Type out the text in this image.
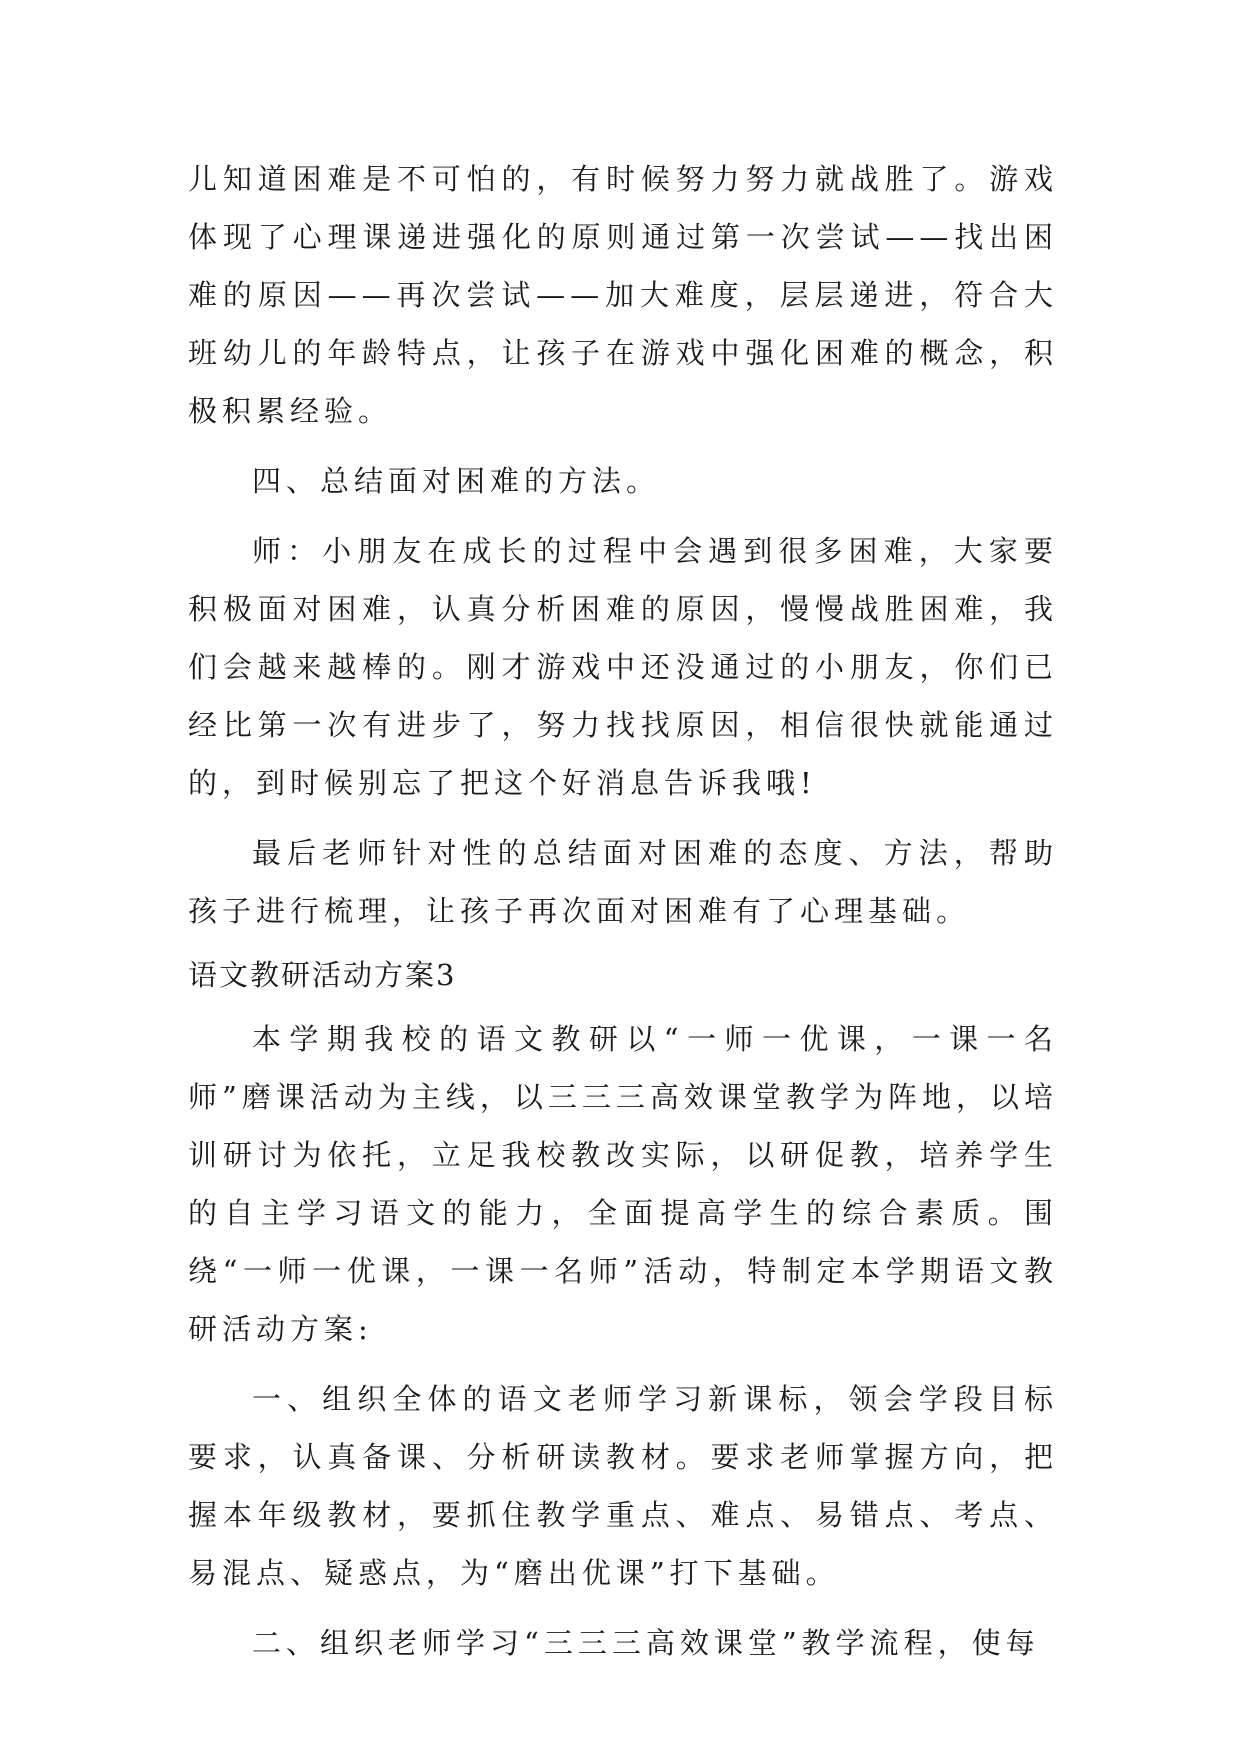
儿知道困难是不可怕的，有时候努力努力就战胜了。游戏体现了心理课递进强化的原则通过第一次尝试——找出困难的原因——再次尝试——加大难度，层层递进，符合大班幼儿的年龄特点，让孩子在游戏中强化困难的概念，积极积累经验。

四、总结面对困难的方法。

师：小朋友在成长的过程中会遇到很多困难，大家要积极面对困难，认真分析困难的原因，慢慢战胜困难，我们会越来越棒的。刚才游戏中还没通过的小朋友，你们已经比第一次有进步了，努力找找原因，相信很快就能通过的，到时候别忘了把这个好消息告诉我哦!

最后老师针对性的总结面对困难的态度、方法，帮助孩子进行梳理，让孩子再次面对困难有了心理基础。

语文教研活动方案3

本学期我校的语文教研以“一师一优课，一课一名师”磨课活动为主线，以三三三高效课堂教学为阵地，以培训研讨为依托，立足我校教改实际，以研促教，培养学生的自主学习语文的能力，全面提高学生的综合素质。围绕“一师一优课，一课一名师”活动，特制定本学期语文教研活动方案:

一、组织全体的语文老师学习新课标，领会学段目标要求，认真备课、分析研读教材。要求老师掌握方向，把握本年级教材，要抓住教学重点、难点、易错点、考点、易混点、疑惑点，为“磨出优课”打下基础。

二、组织老师学习“三三三高效课堂”教学流程，使每
